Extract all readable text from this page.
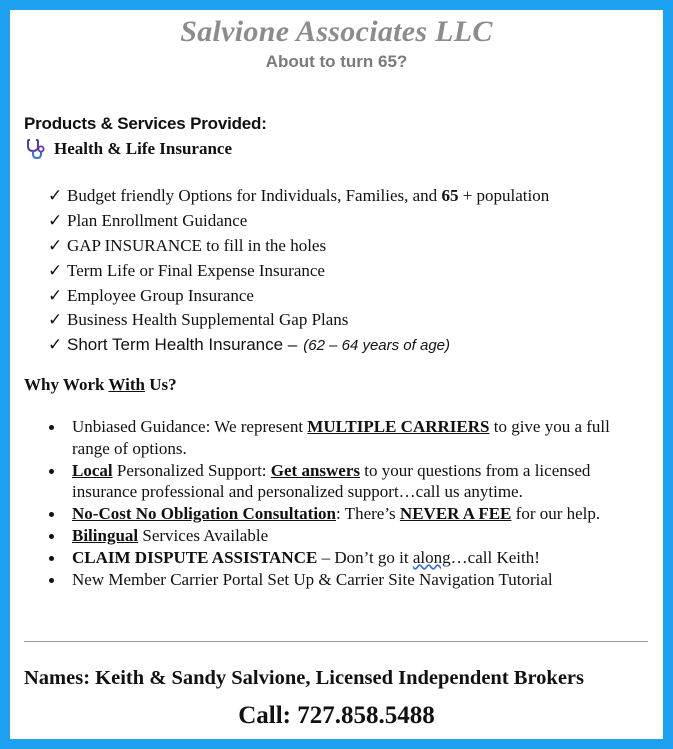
Salvione Associates LLC
About to turn 65?
Products & Services Provided:
Health & Life Insurance
✓ Budget friendly Options for Individuals, Families, and 65 + population
✓ Plan Enrollment Guidance
✓ GAP INSURANCE to fill in the holes
✓ Term Life or Final Expense Insurance
✓ Employee Group Insurance
✓ Business Health Supplemental Gap Plans
✓ Short Term Health Insurance – (62 – 64 years of age)
Why Work With Us?
Unbiased Guidance: We represent MULTIPLE CARRIERS to give you a full range of options.
Local Personalized Support: Get answers to your questions from a licensed insurance professional and personalized support…call us anytime.
No-Cost No Obligation Consultation: There’s NEVER A FEE for our help.
Bilingual Services Available
CLAIM DISPUTE ASSISTANCE – Don’t go it along…call Keith!
New Member Carrier Portal Set Up & Carrier Site Navigation Tutorial
Names: Keith & Sandy Salvione, Licensed Independent Brokers
Call: 727.858.5488
